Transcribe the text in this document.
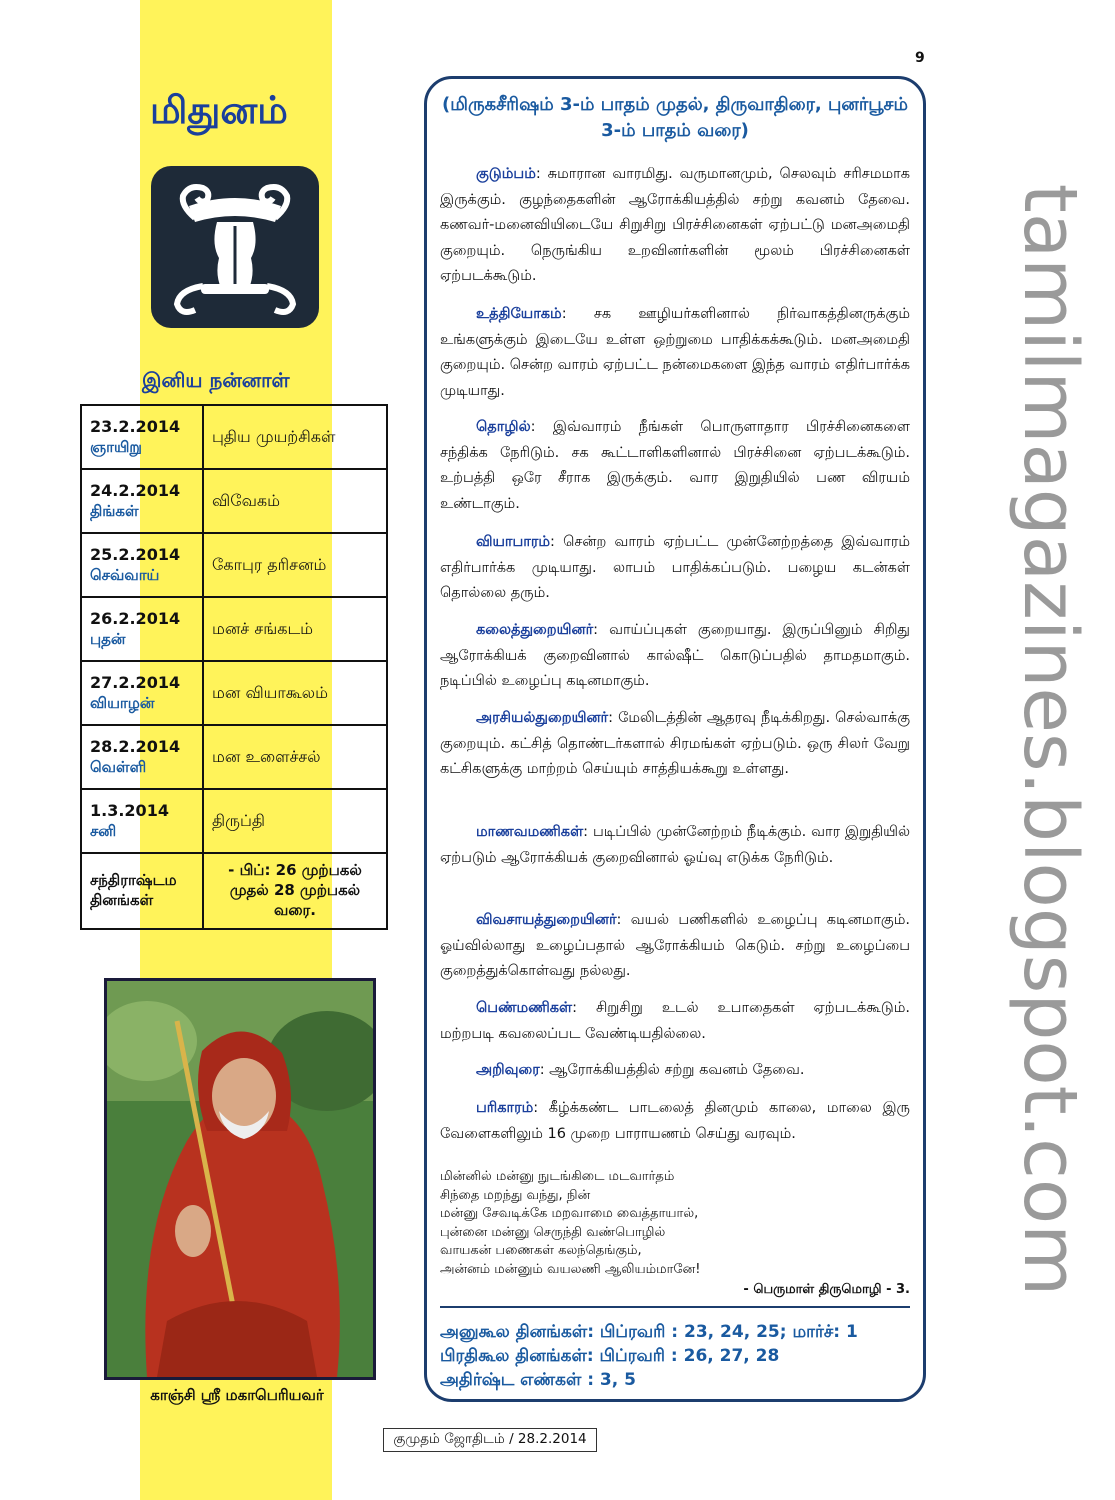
tamilmagazines.blogspot.com
9
மிதுனம்
இனிய நன்னாள்
23.2.2014
ஞாயிறு	புதிய முயற்சிகள்

24.2.2014
திங்கள்	விவேகம்

25.2.2014
செவ்வாய்	கோபுர தரிசனம்

26.2.2014
புதன்	மனச் சங்கடம்

27.2.2014
வியாழன்	மன வியாகூலம்

28.2.2014
வெள்ளி	மன உளைச்சல்

1.3.2014
சனி	திருப்தி
சந்திராஷ்டம தினங்கள்	- பிப்: 26 முற்பகல் முதல் 28 முற்பகல் வரை.
காஞ்சி ஸ்ரீ மகாபெரியவர்
(மிருகசீரிஷம் 3-ம் பாதம் முதல், திருவாதிரை, புனர்பூசம் 3-ம் பாதம் வரை)

குடும்பம்: சுமாரான வாரமிது. வருமானமும், செலவும் சரிசமமாக இருக்கும். குழந்தைகளின் ஆரோக்கியத்தில் சற்று கவனம் தேவை. கணவர்-மனைவியிடையே சிறுசிறு பிரச்சினைகள் ஏற்பட்டு மனஅமைதி குறையும். நெருங்கிய உறவினர்களின் மூலம் பிரச்சினைகள் ஏற்படக்கூடும்.

உத்தியோகம்: சக ஊழியர்களினால் நிர்வாகத்தினருக்கும் உங்களுக்கும் இடையே உள்ள ஒற்றுமை பாதிக்கக்கூடும். மனஅமைதி குறையும். சென்ற வாரம் ஏற்பட்ட நன்மைகளை இந்த வாரம் எதிர்பார்க்க முடியாது.

தொழில்: இவ்வாரம் நீங்கள் பொருளாதார பிரச்சினைகளை சந்திக்க நேரிடும். சக கூட்டாளிகளினால் பிரச்சினை ஏற்படக்கூடும். உற்பத்தி ஒரே சீராக இருக்கும். வார இறுதியில் பண விரயம் உண்டாகும்.

வியாபாரம்: சென்ற வாரம் ஏற்பட்ட முன்னேற்றத்தை இவ்வாரம் எதிர்பார்க்க முடியாது. லாபம் பாதிக்கப்படும். பழைய கடன்கள் தொல்லை தரும்.

கலைத்துறையினர்: வாய்ப்புகள் குறையாது. இருப்பினும் சிறிது ஆரோக்கியக் குறைவினால் கால்ஷீட் கொடுப்பதில் தாமதமாகும். நடிப்பில் உழைப்பு கடினமாகும்.

அரசியல்துறையினர்: மேலிடத்தின் ஆதரவு நீடிக்கிறது. செல்வாக்கு குறையும். கட்சித் தொண்டர்களால் சிரமங்கள் ஏற்படும். ஒரு சிலர் வேறு கட்சிகளுக்கு மாற்றம் செய்யும் சாத்தியக்கூறு உள்ளது.

மாணவமணிகள்: படிப்பில் முன்னேற்றம் நீடிக்கும். வார இறுதியில் ஏற்படும் ஆரோக்கியக் குறைவினால் ஓய்வு எடுக்க நேரிடும்.

விவசாயத்துறையினர்: வயல் பணிகளில் உழைப்பு கடினமாகும். ஓய்வில்லாது உழைப்பதால் ஆரோக்கியம் கெடும். சற்று உழைப்பை குறைத்துக்கொள்வது நல்லது.

பெண்மணிகள்: சிறுசிறு உடல் உபாதைகள் ஏற்படக்கூடும். மற்றபடி கவலைப்பட வேண்டியதில்லை.

அறிவுரை: ஆரோக்கியத்தில் சற்று கவனம் தேவை.

பரிகாரம்: கீழ்க்கண்ட பாடலைத் தினமும் காலை, மாலை இரு வேளைகளிலும் 16 முறை பாராயணம் செய்து வரவும்.

மின்னில் மன்னு நுடங்கிடை மடவார்தம்
சிந்தை மறந்து வந்து, நின்
மன்னு சேவடிக்கே மறவாமை வைத்தாயால்,
புன்னை மன்னு செருந்தி வண்பொழில்
வாயகன் பணைகள் கலந்தெங்கும்,
அன்னம் மன்னும் வயலணி ஆலியம்மானே!
- பெருமாள் திருமொழி - 3.
அனுகூல தினங்கள்: பிப்ரவரி : 23, 24, 25; மார்ச்: 1
பிரதிகூல தினங்கள்: பிப்ரவரி : 26, 27, 28
அதிர்ஷ்ட எண்கள் : 3, 5
குமுதம் ஜோதிடம் / 28.2.2014
